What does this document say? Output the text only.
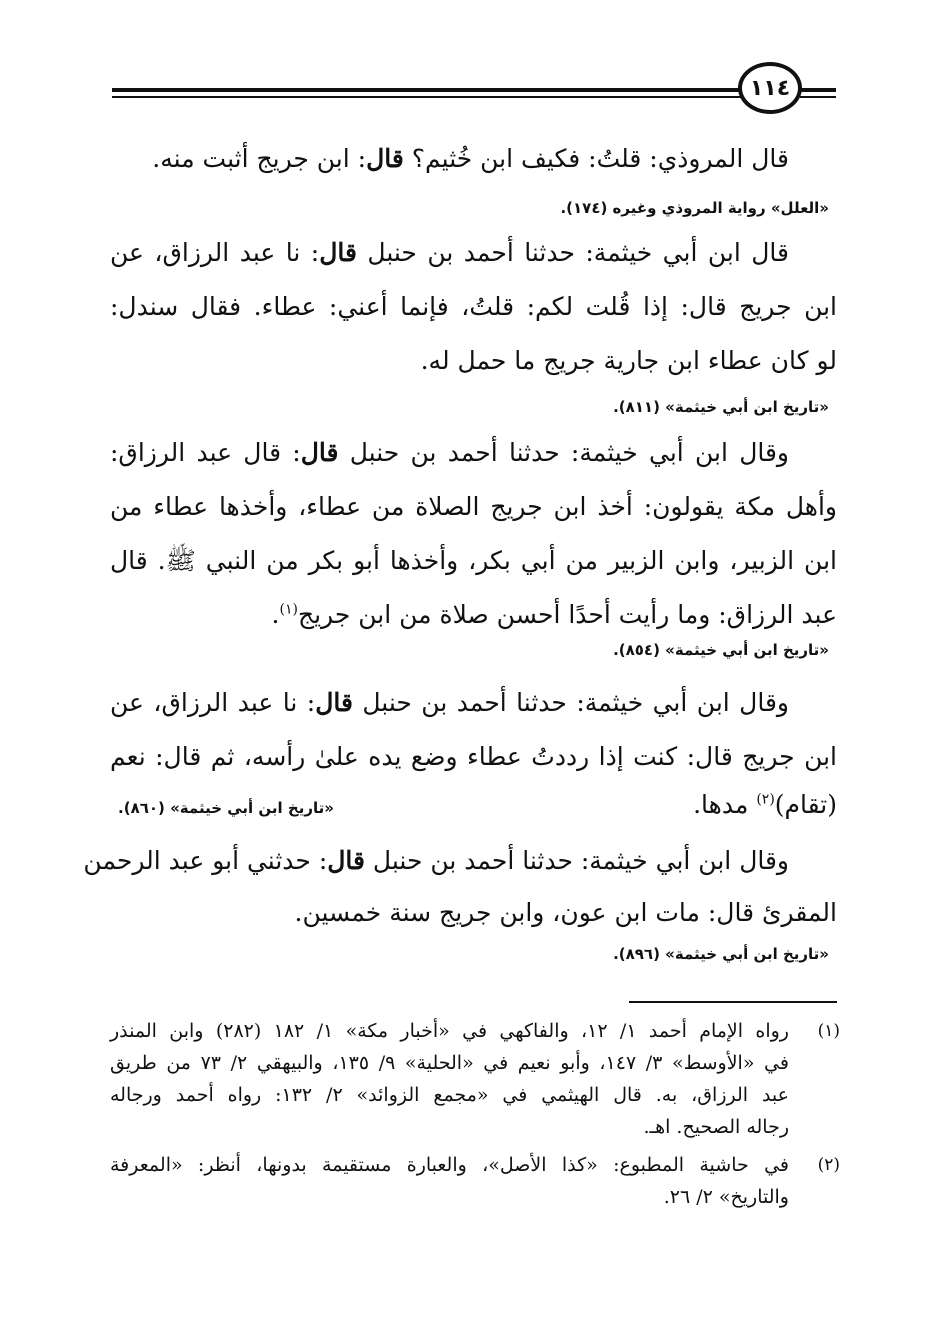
١١٤
قال المروذي: قلتُ: فكيف ابن خُثيم؟ قال: ابن جريج أثبت منه.
«العلل» رواية المروذي وغيره (١٧٤).
قال ابن أبي خيثمة: حدثنا أحمد بن حنبل قال: نا عبد الرزاق، عن
ابن جريج قال: إذا قُلت لكم: قلتُ، فإنما أعني: عطاء. فقال سندل:
لو كان عطاء ابن جارية جريج ما حمل له.
«تاريخ ابن أبي خيثمة» (٨١١).
وقال ابن أبي خيثمة: حدثنا أحمد بن حنبل قال: قال عبد الرزاق:
وأهل مكة يقولون: أخذ ابن جريج الصلاة من عطاء، وأخذها عطاء من
ابن الزبير، وابن الزبير من أبي بكر، وأخذها أبو بكر من النبي ﷺ. قال
عبد الرزاق: وما رأيت أحدًا أحسن صلاة من ابن جريج$^{(١)}$.
«تاريخ ابن أبي خيثمة» (٨٥٤).
وقال ابن أبي خيثمة: حدثنا أحمد بن حنبل قال: نا عبد الرزاق، عن
ابن جريج قال: كنت إذا رددتُ عطاء وضع يده علىٰ رأسه، ثم قال: نعم
(تقام)$^{(٢)}$ مدها.
«تاريخ ابن أبي خيثمة» (٨٦٠).
وقال ابن أبي خيثمة: حدثنا أحمد بن حنبل قال: حدثني أبو عبد الرحمن
المقرئ قال: مات ابن عون، وابن جريج سنة خمسين.
«تاريخ ابن أبي خيثمة» (٨٩٦).
(١)
رواه الإمام أحمد ١/ ١٢، والفاكهي في «أخبار مكة» ١/ ١٨٢ (٢٨٢) وابن المنذر
في «الأوسط» ٣/ ١٤٧، وأبو نعيم في «الحلية» ٩/ ١٣٥، والبيهقي ٢/ ٧٣ من طريق
عبد الرزاق، به. قال الهيثمي في «مجمع الزوائد» ٢/ ١٣٢: رواه أحمد ورجاله
رجاله الصحيح. اهـ.
(٢)
في حاشية المطبوع: «كذا الأصل»، والعبارة مستقيمة بدونها، أنظر: «المعرفة
والتاريخ» ٢/ ٢٦.
